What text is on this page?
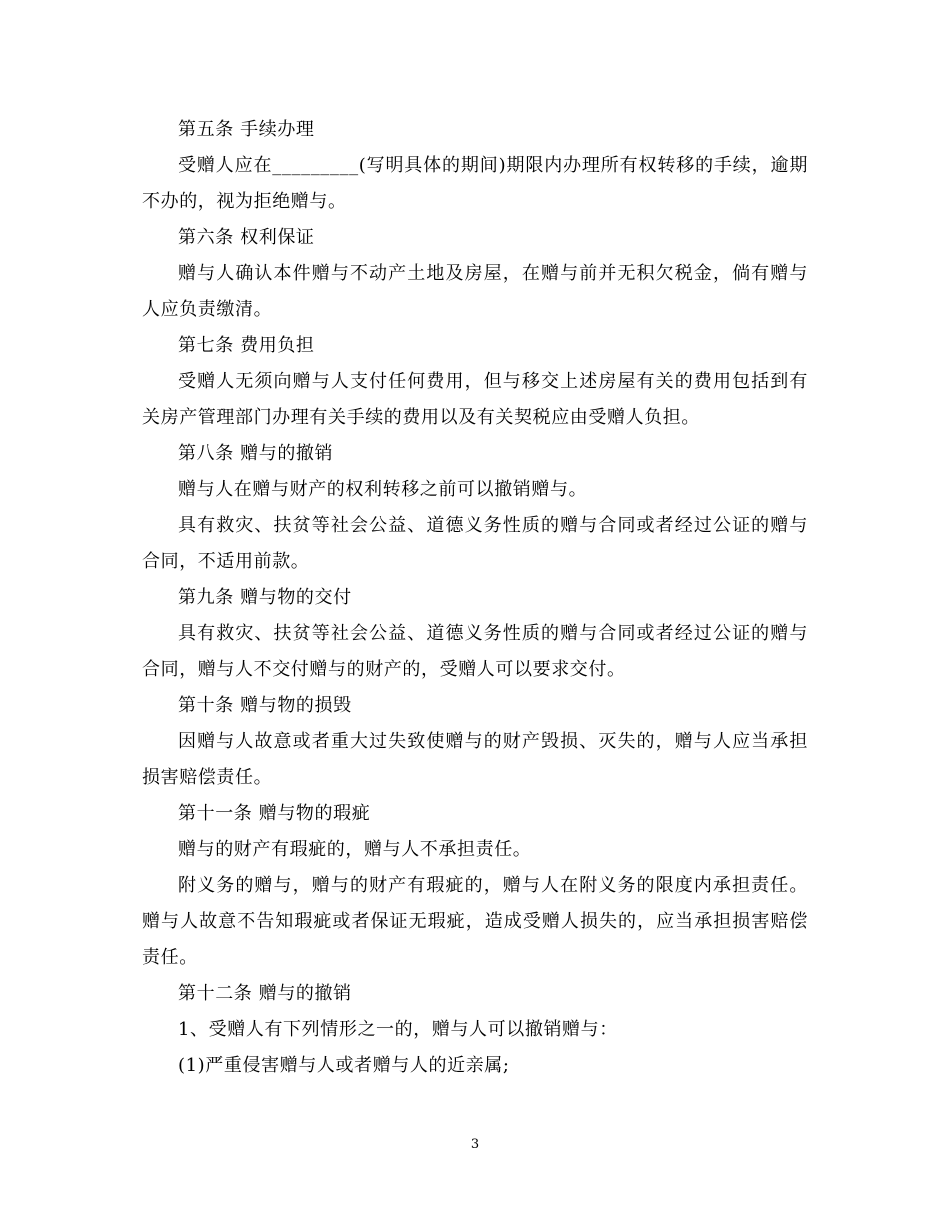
第五条 手续办理

受赠人应在_________(写明具体的期间)期限内办理所有权转移的手续，逾期不办的，视为拒绝赠与。

第六条 权利保证

赠与人确认本件赠与不动产土地及房屋，在赠与前并无积欠税金，倘有赠与人应负责缴清。

第七条 费用负担

受赠人无须向赠与人支付任何费用，但与移交上述房屋有关的费用包括到有关房产管理部门办理有关手续的费用以及有关契税应由受赠人负担。

第八条 赠与的撤销

赠与人在赠与财产的权利转移之前可以撤销赠与。

具有救灾、扶贫等社会公益、道德义务性质的赠与合同或者经过公证的赠与合同，不适用前款。

第九条 赠与物的交付

具有救灾、扶贫等社会公益、道德义务性质的赠与合同或者经过公证的赠与合同，赠与人不交付赠与的财产的，受赠人可以要求交付。

第十条 赠与物的损毁

因赠与人故意或者重大过失致使赠与的财产毁损、灭失的，赠与人应当承担损害赔偿责任。

第十一条 赠与物的瑕疵

赠与的财产有瑕疵的，赠与人不承担责任。

附义务的赠与，赠与的财产有瑕疵的，赠与人在附义务的限度内承担责任。赠与人故意不告知瑕疵或者保证无瑕疵，造成受赠人损失的，应当承担损害赔偿责任。

第十二条 赠与的撤销

1、受赠人有下列情形之一的，赠与人可以撤销赠与：

(1)严重侵害赠与人或者赠与人的近亲属;

3
